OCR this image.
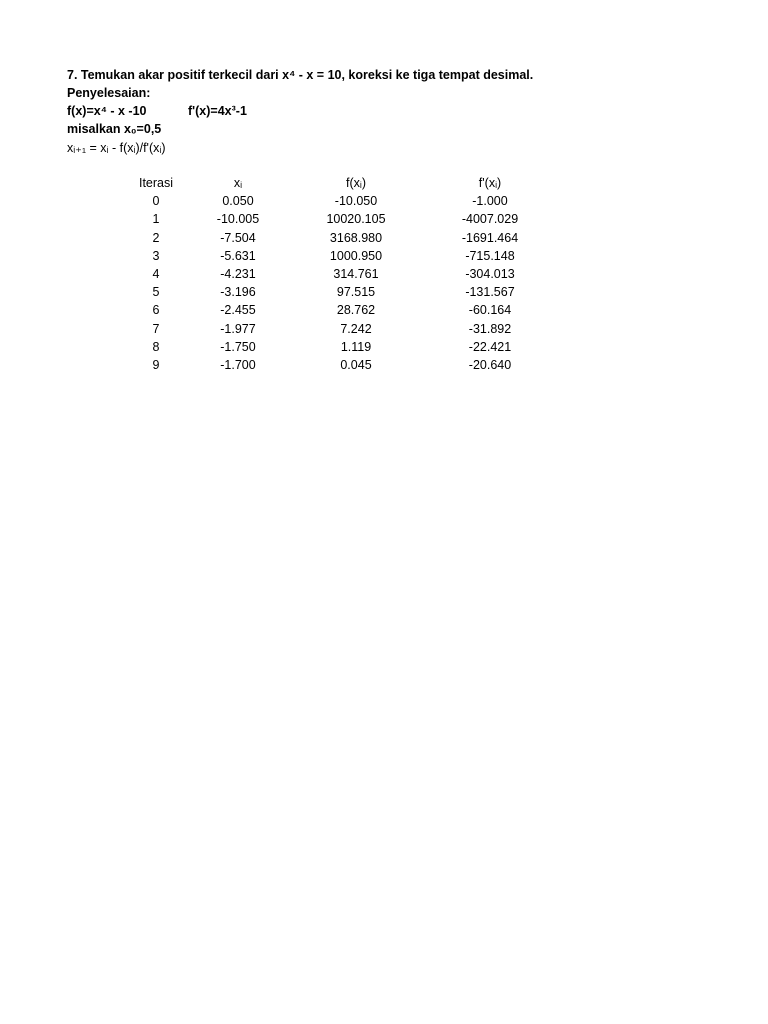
7. Temukan akar positif terkecil dari x⁴ - x = 10, koreksi ke tiga tempat desimal.
Penyelesaian:
f(x)=x⁴ - x -10	f'(x)=4x³-1
misalkan x₀=0,5
xᵢ₊₁ = xᵢ - f(xᵢ)/f'(xᵢ)
Iterasi	xᵢ	f(xᵢ)	f'(xᵢ)
0	0.050	-10.050	-1.000
1	-10.005	10020.105	-4007.029
2	-7.504	3168.980	-1691.464
3	-5.631	1000.950	-715.148
4	-4.231	314.761	-304.013
5	-3.196	97.515	-131.567
6	-2.455	28.762	-60.164
7	-1.977	7.242	-31.892
8	-1.750	1.119	-22.421
9	-1.700	0.045	-20.640
